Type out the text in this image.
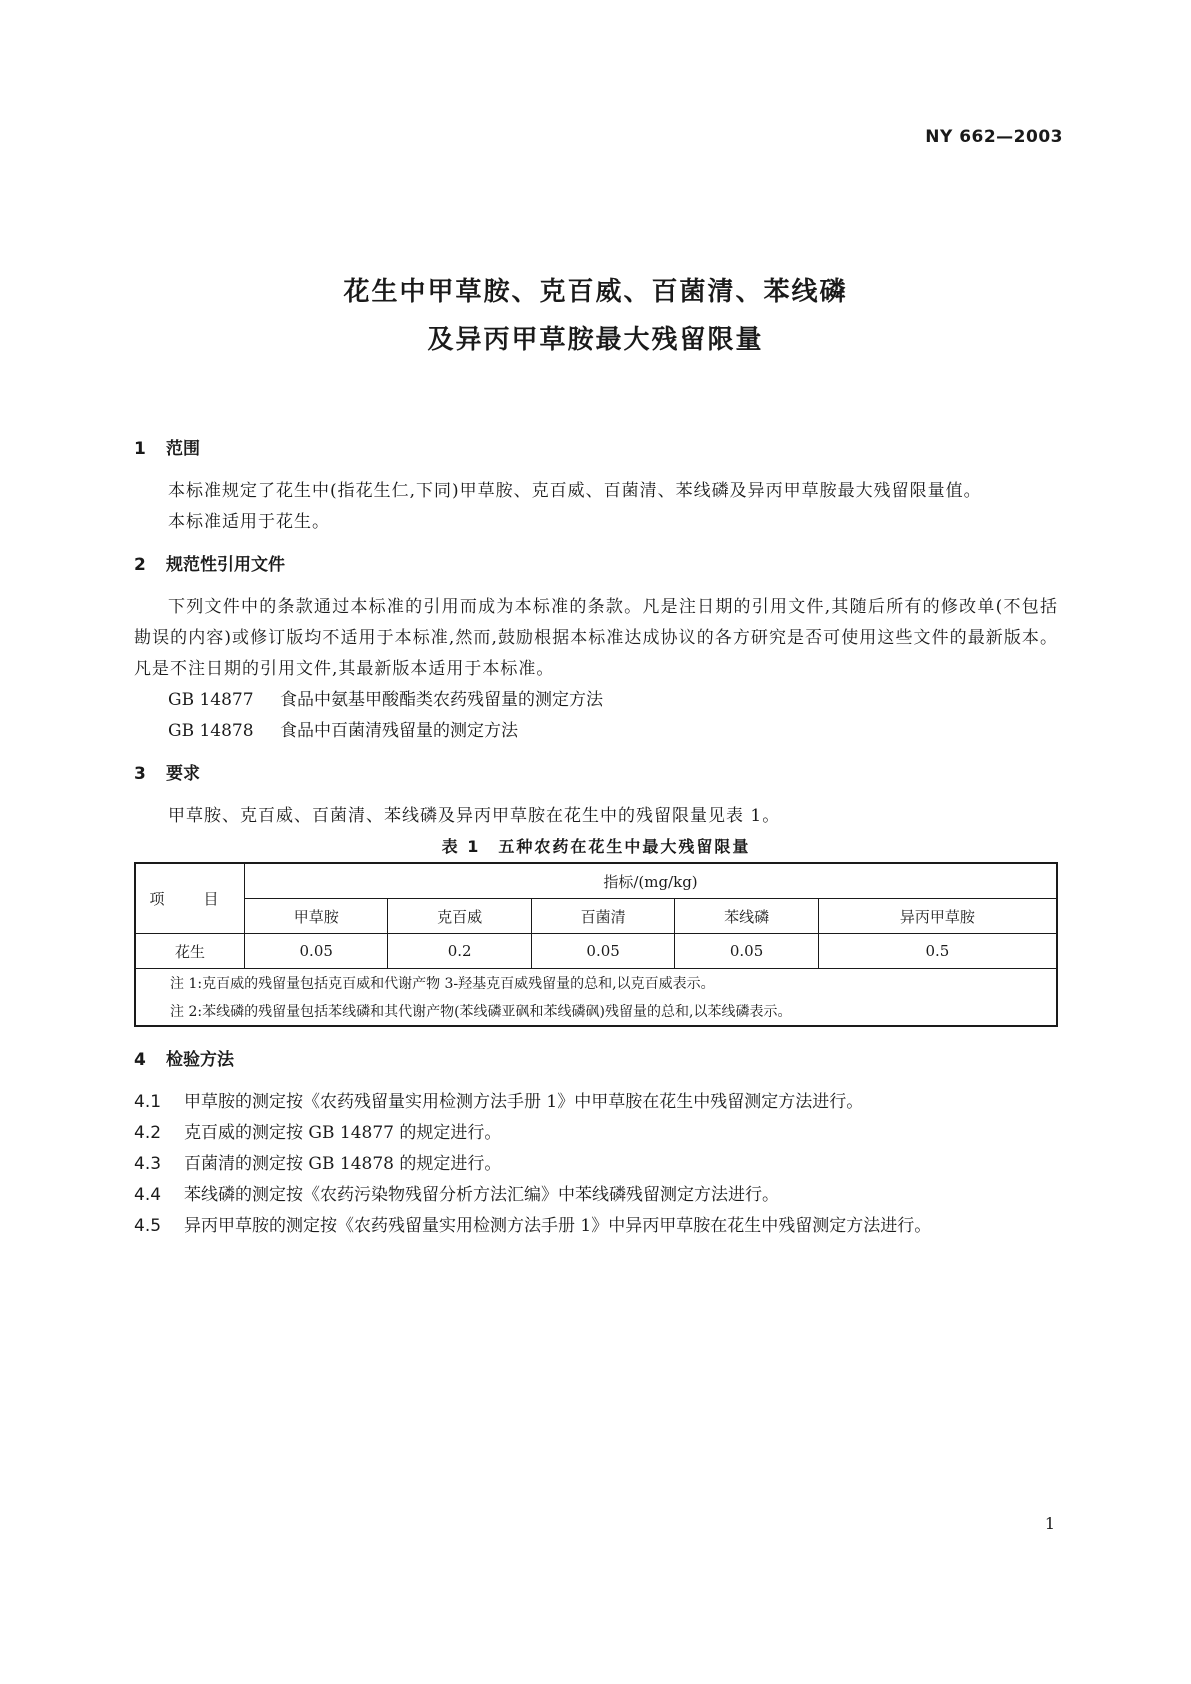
NY 662—2003
花生中甲草胺、克百威、百菌清、苯线磷
及异丙甲草胺最大残留限量
1 范围
本标准规定了花生中(指花生仁,下同)甲草胺、克百威、百菌清、苯线磷及异丙甲草胺最大残留限量值。
本标准适用于花生。
2 规范性引用文件
下列文件中的条款通过本标准的引用而成为本标准的条款。凡是注日期的引用文件,其随后所有的修改单(不包括勘误的内容)或修订版均不适用于本标准,然而,鼓励根据本标准达成协议的各方研究是否可使用这些文件的最新版本。凡是不注日期的引用文件,其最新版本适用于本标准。
GB 14877 食品中氨基甲酸酯类农药残留量的测定方法
GB 14878 食品中百菌清残留量的测定方法
3 要求
甲草胺、克百威、百菌清、苯线磷及异丙甲草胺在花生中的残留限量见表 1。
表 1　五种农药在花生中最大残留限量
项　目	指标/(mg/kg)				
	甲草胺	克百威	百菌清	苯线磷	异丙甲草胺
花生	0.05	0.2	0.05	0.05	0.5
注 1:克百威的残留量包括克百威和代谢产物 3-羟基克百威残留量的总和,以克百威表示。					
注 2:苯线磷的残留量包括苯线磷和其代谢产物(苯线磷亚砜和苯线磷砜)残留量的总和,以苯线磷表示。					
4 检验方法
4.1 甲草胺的测定按《农药残留量实用检测方法手册 1》中甲草胺在花生中残留测定方法进行。
4.2 克百威的测定按 GB 14877 的规定进行。
4.3 百菌清的测定按 GB 14878 的规定进行。
4.4 苯线磷的测定按《农药污染物残留分析方法汇编》中苯线磷残留测定方法进行。
4.5 异丙甲草胺的测定按《农药残留量实用检测方法手册 1》中异丙甲草胺在花生中残留测定方法进行。
1
